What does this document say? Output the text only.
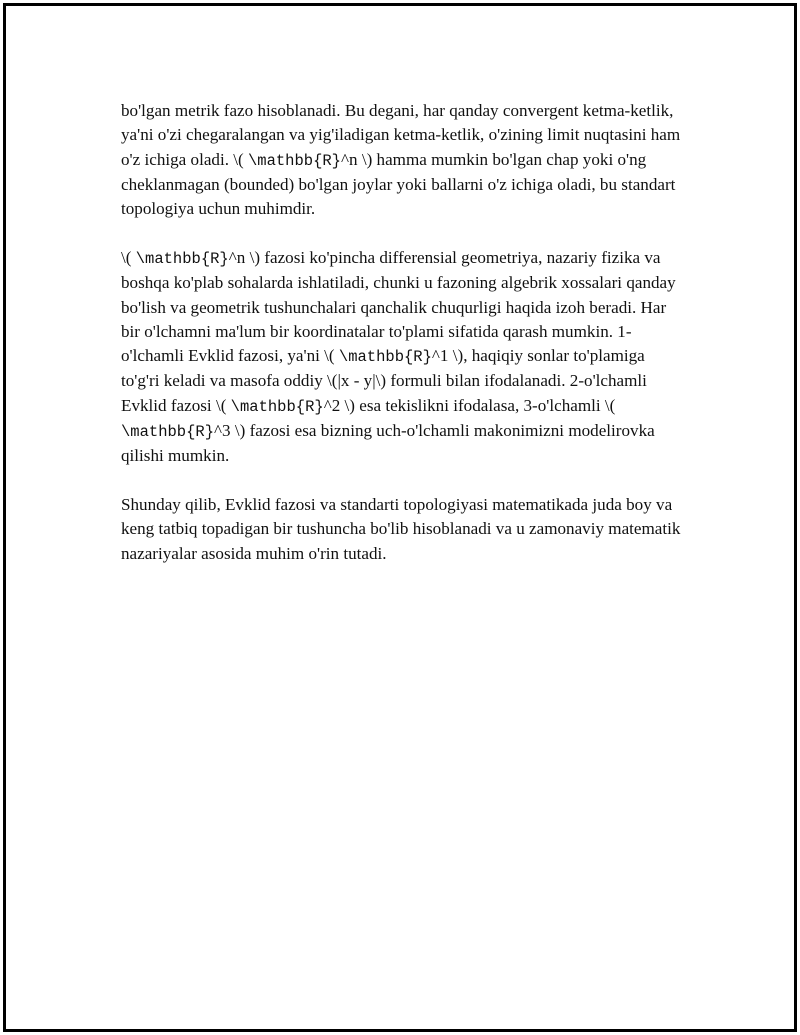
bo'lgan metrik fazo hisoblanadi. Bu degani, har qanday convergent ketma-ketlik, ya'ni o'zi chegaralangan va yig'iladigan ketma-ketlik, o'zining limit nuqtasini ham o'z ichiga oladi. \( \mathbb{R}^n \) hamma mumkin bo'lgan chap yoki o'ng cheklanmagan (bounded) bo'lgan joylar yoki ballarni o'z ichiga oladi, bu standart topologiya uchun muhimdir.

\( \mathbb{R}^n \) fazosi ko'pincha differensial geometriya, nazariy fizika va boshqa ko'plab sohalarda ishlatiladi, chunki u fazoning algebrik xossalari qanday bo'lish va geometrik tushunchalari qanchalik chuqurligi haqida izoh beradi. Har bir o'lchamni ma'lum bir koordinatalar to'plami sifatida qarash mumkin. 1-o'lchamli Evklid fazosi, ya'ni \( \mathbb{R}^1 \), haqiqiy sonlar to'plamiga to'g'ri keladi va masofa oddiy \(|x - y|\) formuli bilan ifodalanadi. 2-o'lchamli Evklid fazosi \( \mathbb{R}^2 \) esa tekislikni ifodalasa, 3-o'lchamli \( \mathbb{R}^3 \) fazosi esa bizning uch-o'lchamli makonimizni modelirovka qilishi mumkin.

Shunday qilib, Evklid fazosi va standarti topologiyasi matematikada juda boy va keng tatbiq topadigan bir tushuncha bo'lib hisoblanadi va u zamonaviy matematik nazariyalar asosida muhim o'rin tutadi.
